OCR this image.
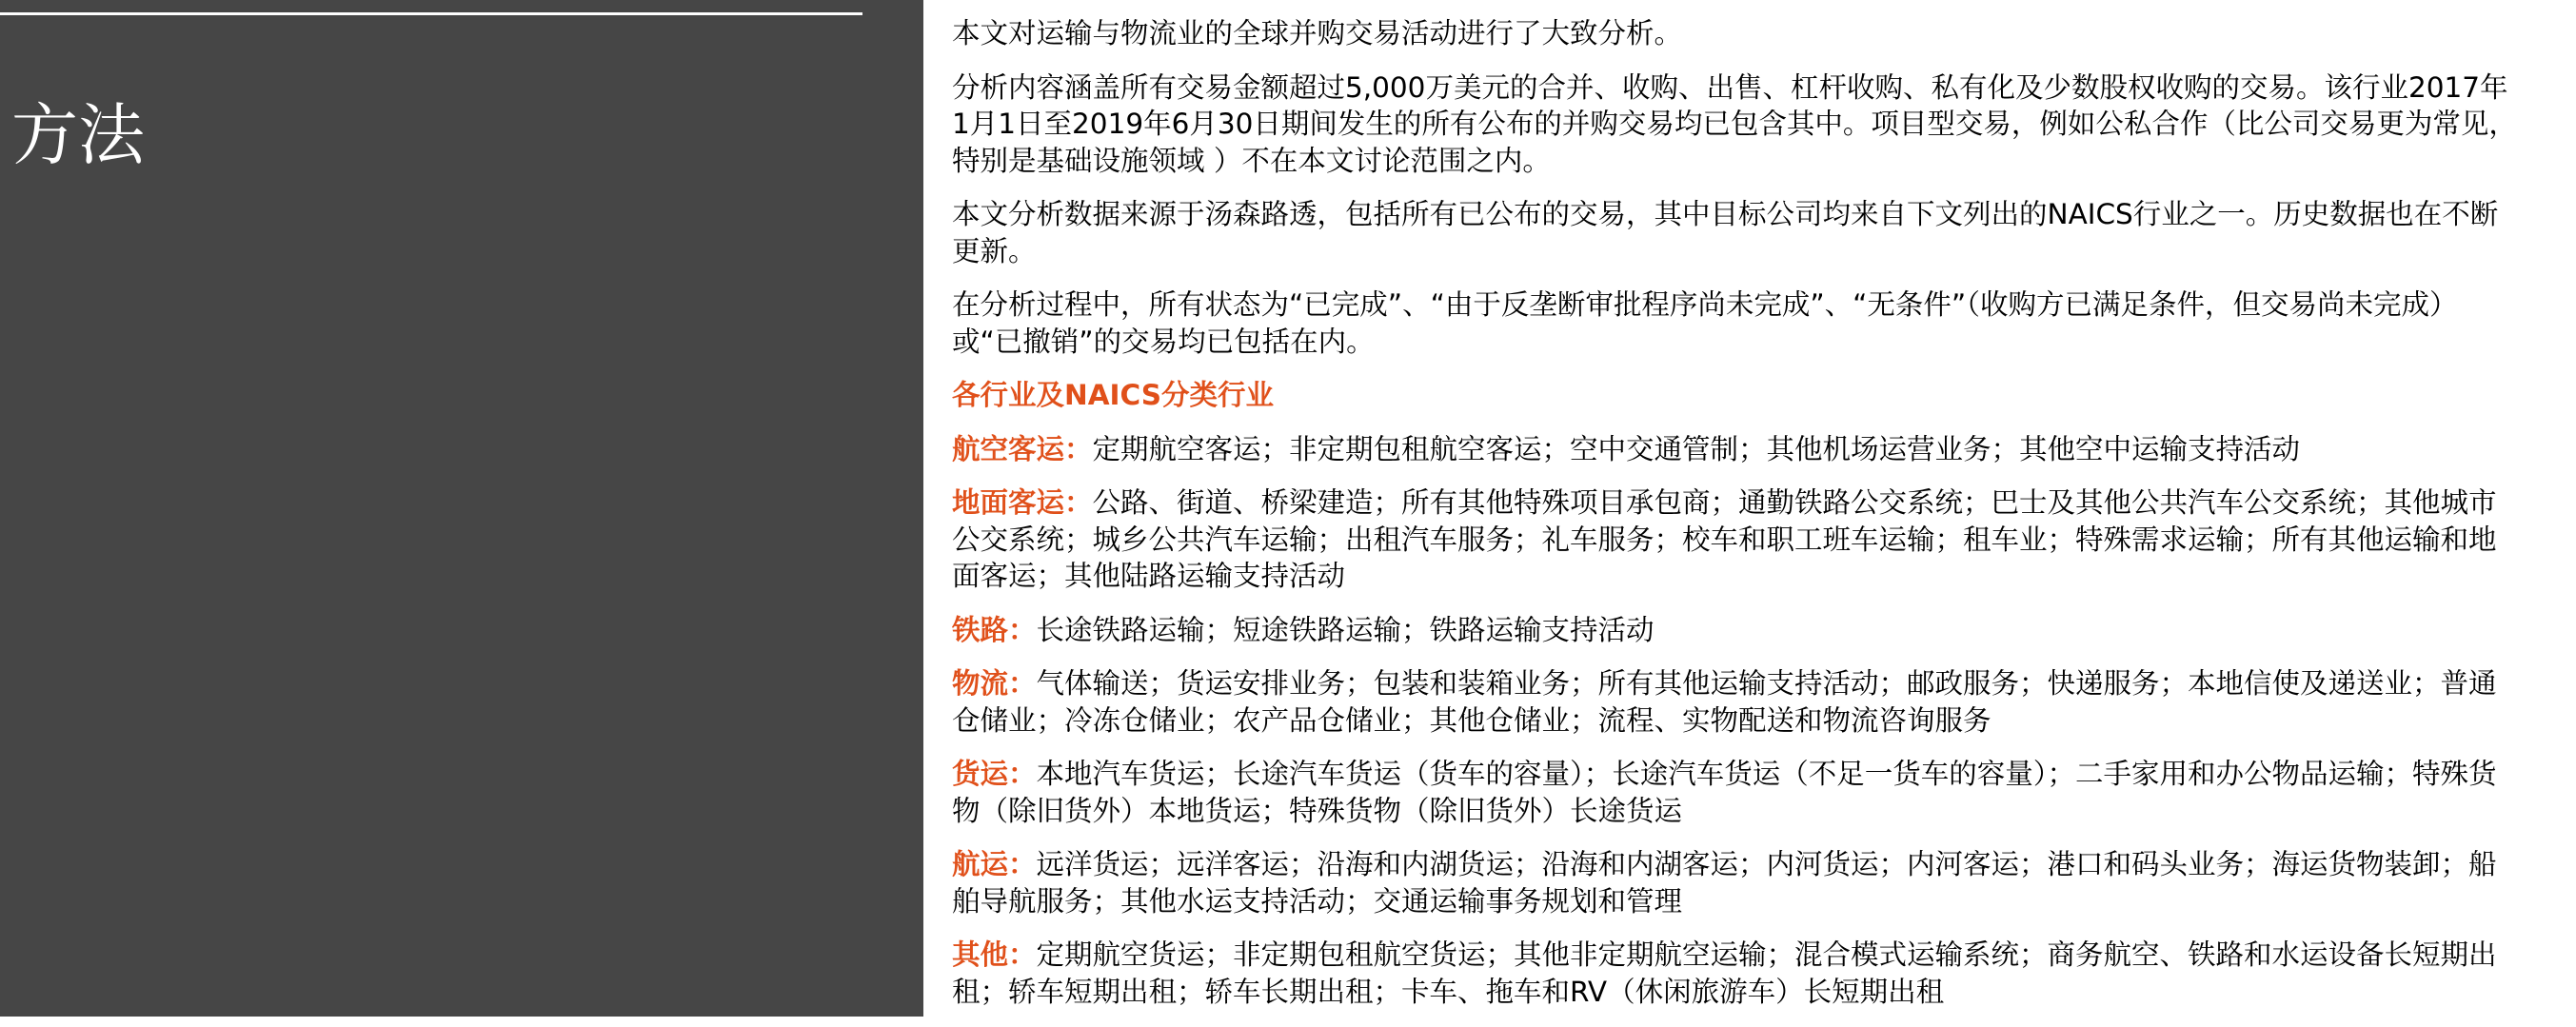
方法

本文对运输与物流业的全球并购交易活动进行了大致分析。

分析内容涵盖所有交易金额超过5,000万美元的合并、收购、出售、杠杆收购、私有化及少数股权收购的交易。该行业2017年1月1日至2019年6月30日期间发生的所有公布的并购交易均已包含其中。项目型交易，例如公私合作（比公司交易更为常见，特别是基础设施领域 ）不在本文讨论范围之内。

本文分析数据来源于汤森路透，包括所有已公布的交易，其中目标公司均来自下文列出的NAICS行业之一。历史数据也在不断更新。

在分析过程中，所有状态为“已完成”、“由于反垄断审批程序尚未完成”、“无条件”（收购方已满足条件，但交易尚未完成）或“已撤销”的交易均已包括在内。

各行业及NAICS分类行业

航空客运：定期航空客运；非定期包租航空客运；空中交通管制；其他机场运营业务；其他空中运输支持活动

地面客运：公路、街道、桥梁建造；所有其他特殊项目承包商；通勤铁路公交系统；巴士及其他公共汽车公交系统；其他城市公交系统；城乡公共汽车运输；出租汽车服务；礼车服务；校车和职工班车运输；租车业；特殊需求运输；所有其他运输和地面客运；其他陆路运输支持活动

铁路：长途铁路运输；短途铁路运输；铁路运输支持活动

物流：气体输送；货运安排业务；包装和装箱业务；所有其他运输支持活动；邮政服务；快递服务；本地信使及递送业；普通仓储业；冷冻仓储业；农产品仓储业；其他仓储业；流程、实物配送和物流咨询服务

货运：本地汽车货运；长途汽车货运（货车的容量）；长途汽车货运（不足一货车的容量）；二手家用和办公物品运输；特殊货物（除旧货外）本地货运；特殊货物（除旧货外）长途货运

航运：远洋货运；远洋客运；沿海和内湖货运；沿海和内湖客运；内河货运；内河客运；港口和码头业务；海运货物装卸；船舶导航服务；其他水运支持活动；交通运输事务规划和管理

其他：定期航空货运；非定期包租航空货运；其他非定期航空运输；混合模式运输系统；商务航空、铁路和水运设备长短期出租；轿车短期出租；轿车长期出租；卡车、拖车和RV（休闲旅游车）长短期出租
